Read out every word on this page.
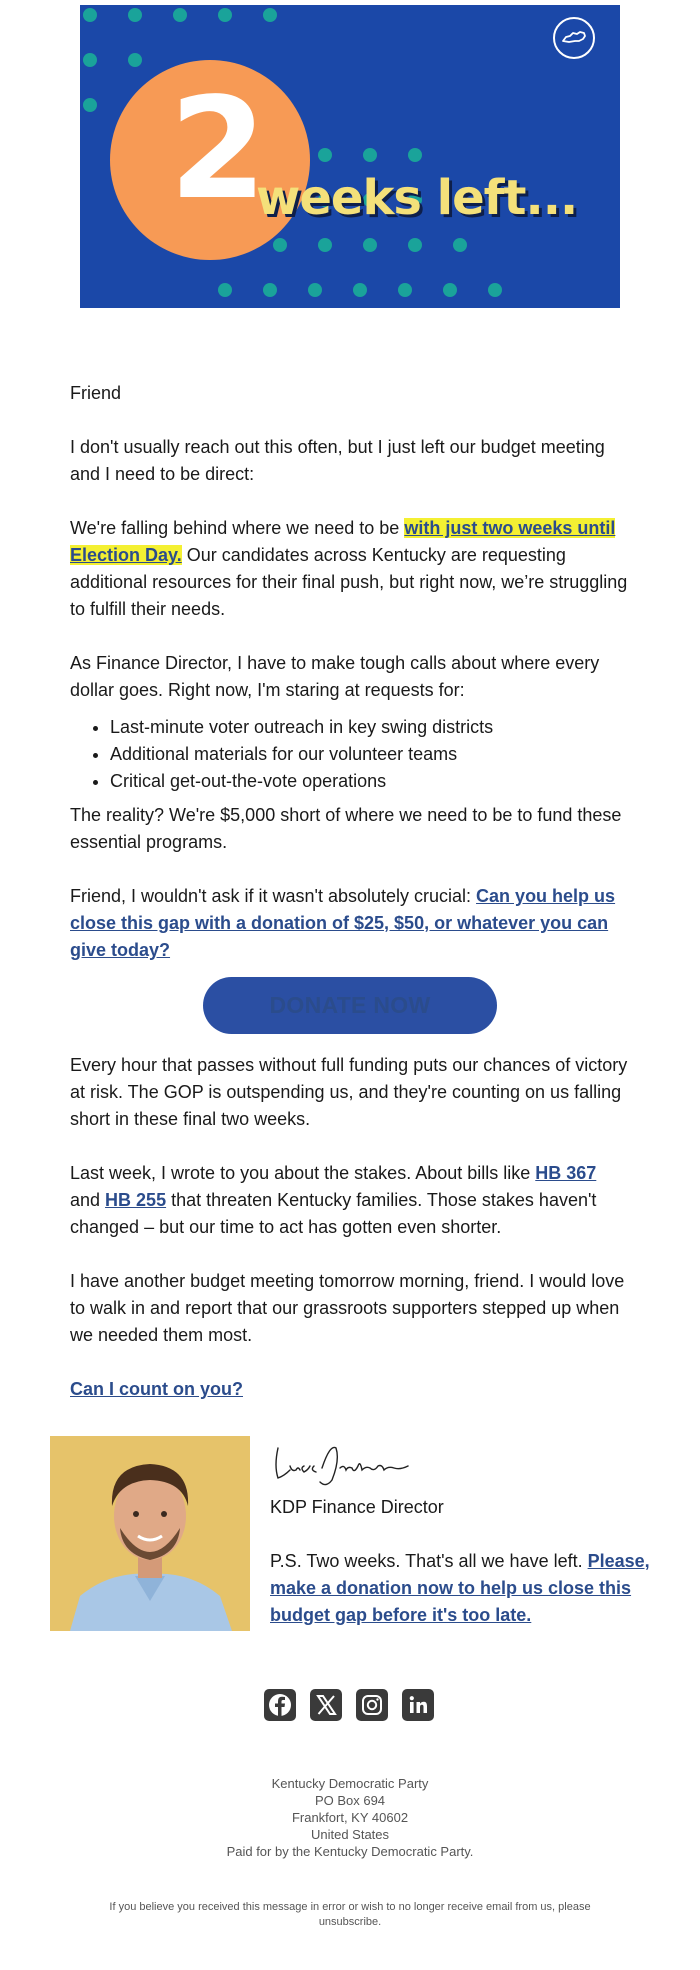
2
weeks left...

Friend

I don't usually reach out this often, but I just left our budget meeting and I need to be direct:

We're falling behind where we need to be with just two weeks until Election Day. Our candidates across Kentucky are requesting additional resources for their final push, but right now, we’re struggling to fulfill their needs.

As Finance Director, I have to make tough calls about where every dollar goes. Right now, I'm staring at requests for:

• Last-minute voter outreach in key swing districts
• Additional materials for our volunteer teams
• Critical get-out-the-vote operations

The reality? We're $5,000 short of where we need to be to fund these essential programs.

Friend, I wouldn't ask if it wasn't absolutely crucial: Can you help us close this gap with a donation of $25, $50, or whatever you can give today?

DONATE NOW

Every hour that passes without full funding puts our chances of victory at risk. The GOP is outspending us, and they're counting on us falling short in these final two weeks.

Last week, I wrote to you about the stakes. About bills like HB 367 and HB 255 that threaten Kentucky families. Those stakes haven't changed – but our time to act has gotten even shorter.

I have another budget meeting tomorrow morning, friend. I would love to walk in and report that our grassroots supporters stepped up when we needed them most.

Can I count on you?

KDP Finance Director
P.S. Two weeks. That's all we have left. Please, make a donation now to help us close this budget gap before it's too late.
Kentucky Democratic Party
PO Box 694
Frankfort, KY 40602
United States
Paid for by the Kentucky Democratic Party.
If you believe you received this message in error or wish to no longer receive email from us, please unsubscribe.
